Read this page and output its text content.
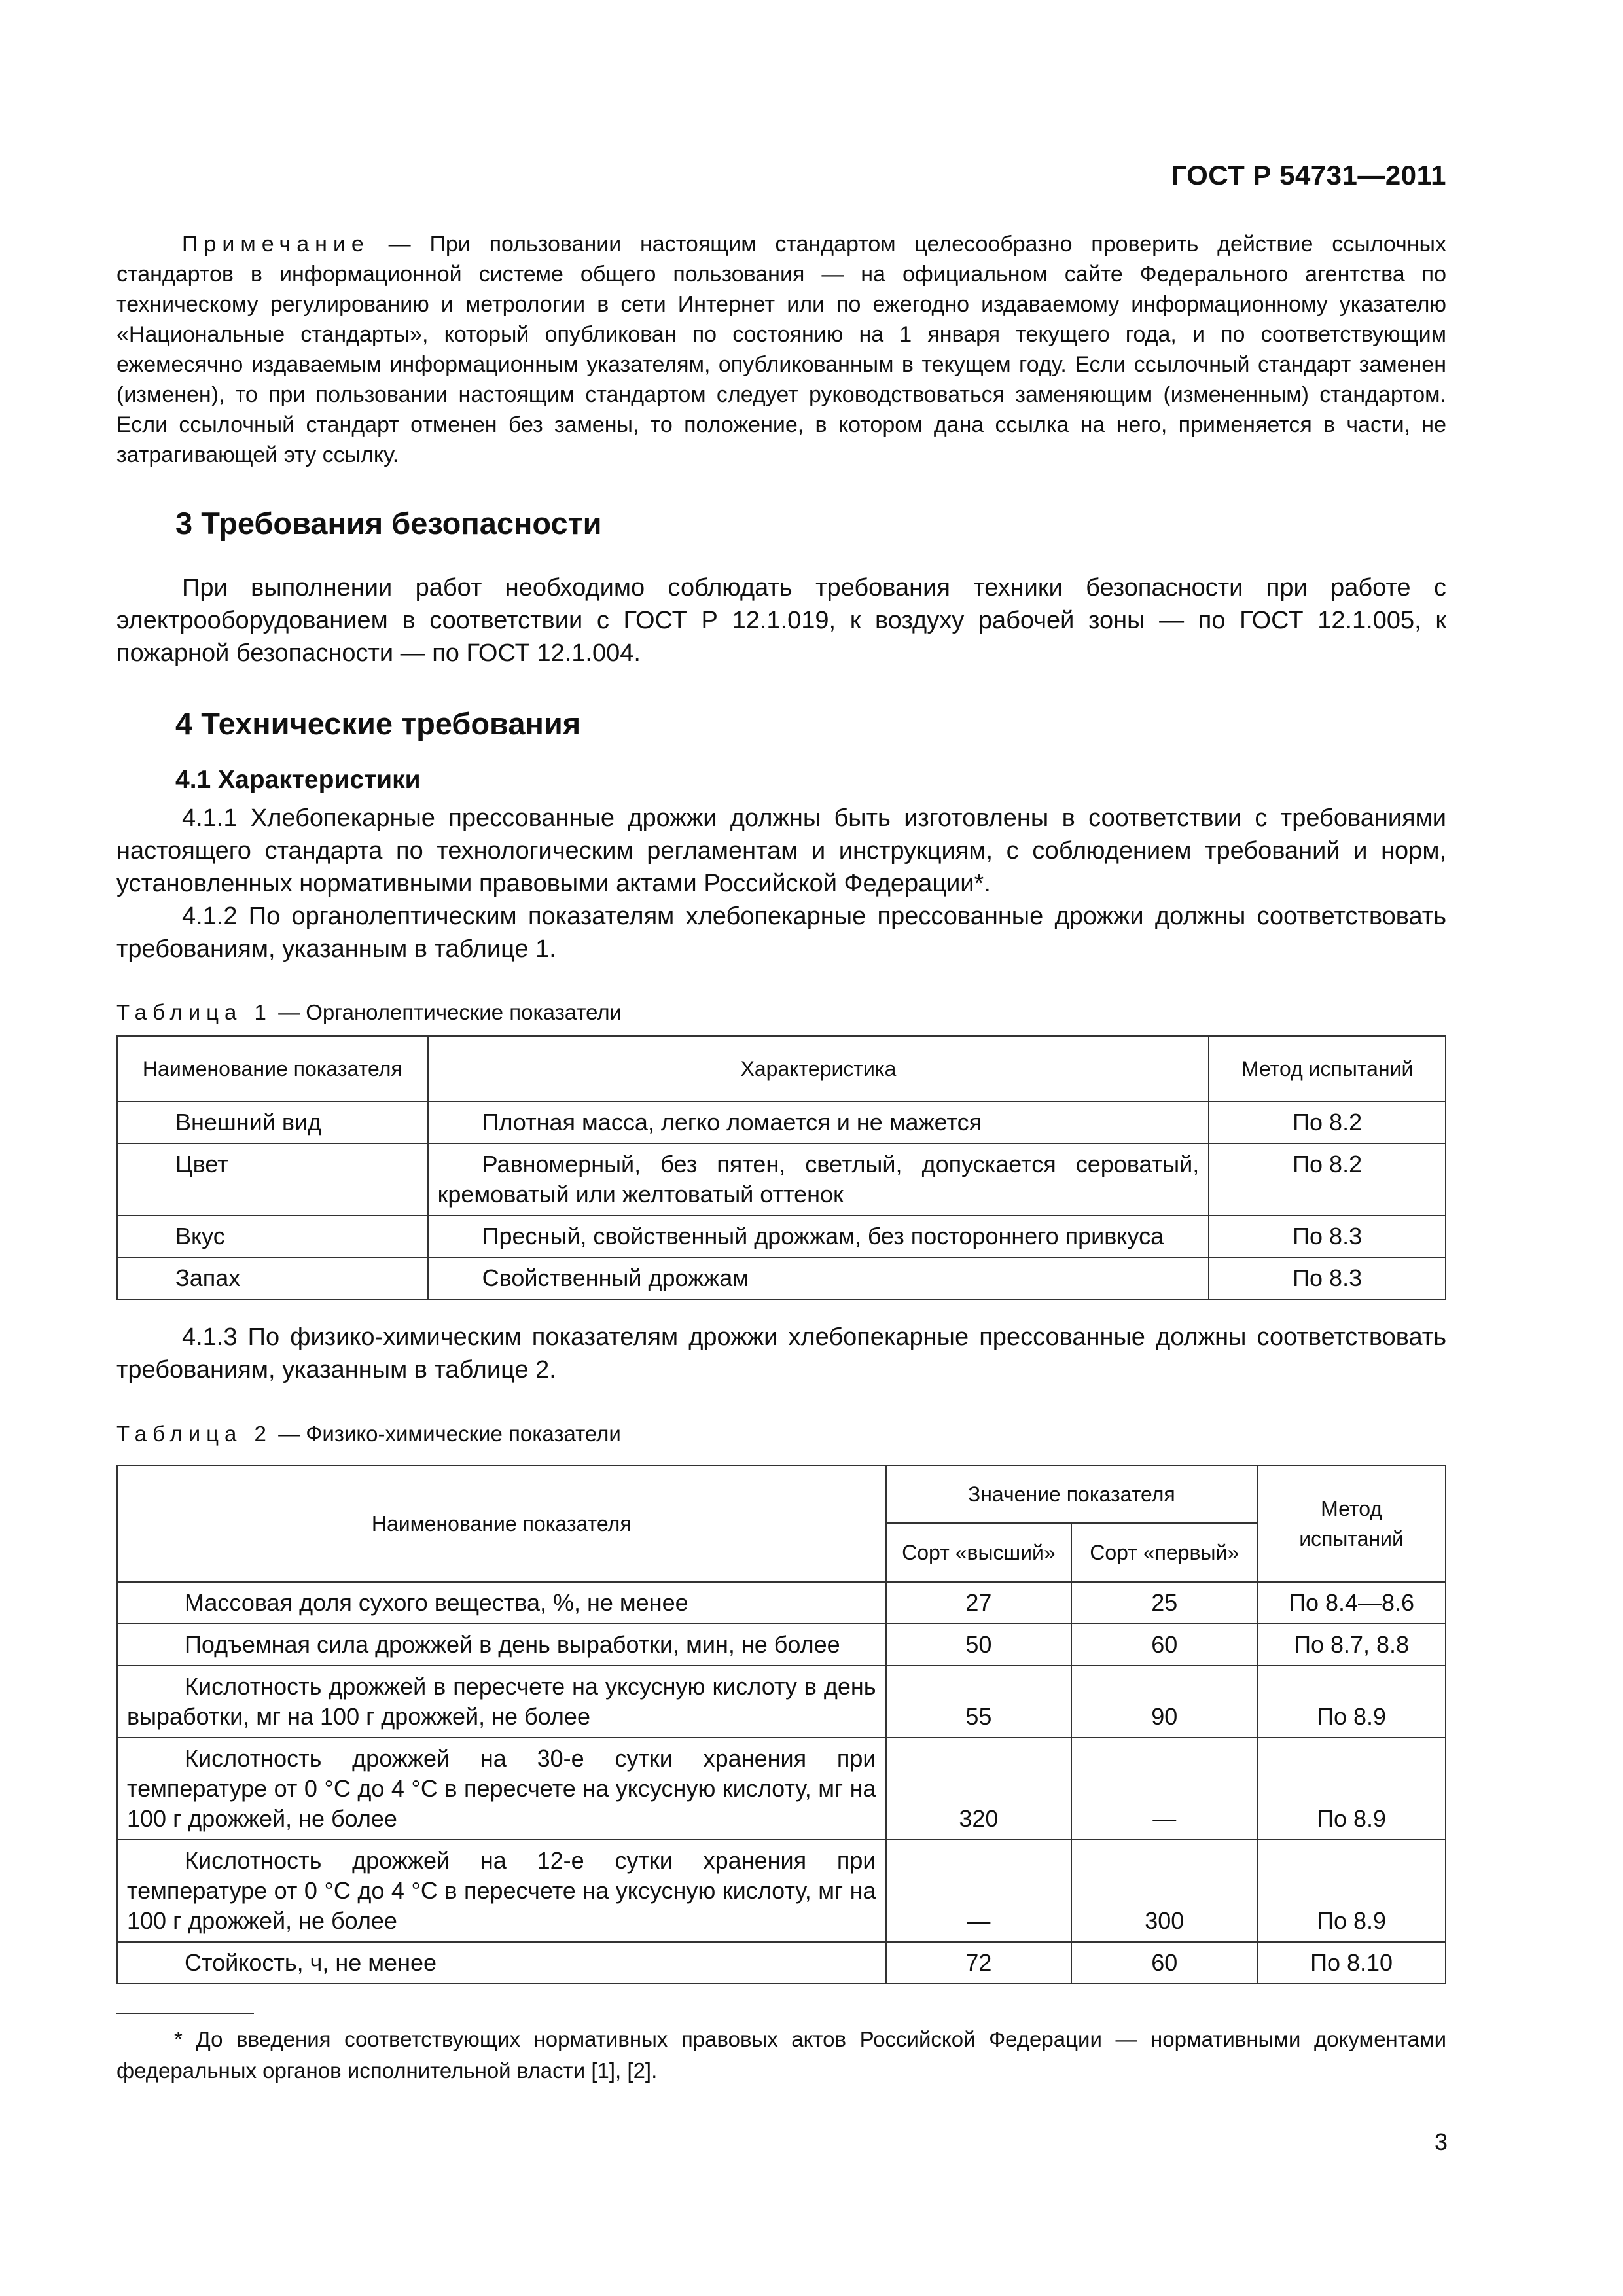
ГОСТ Р 54731—2011
Примечание — При пользовании настоящим стандартом целесообразно проверить действие ссылочных стандартов в информационной системе общего пользования — на официальном сайте Федерального агентства по техническому регулированию и метрологии в сети Интернет или по ежегодно издаваемому информационному указателю «Национальные стандарты», который опубликован по состоянию на 1 января текущего года, и по соответствующим ежемесячно издаваемым информационным указателям, опубликованным в текущем году. Если ссылочный стандарт заменен (изменен), то при пользовании настоящим стандартом следует руководствоваться заменяющим (измененным) стандартом. Если ссылочный стандарт отменен без замены, то положение, в котором дана ссылка на него, применяется в части, не затрагивающей эту ссылку.
3 Требования безопасности
При выполнении работ необходимо соблюдать требования техники безопасности при работе с электрооборудованием в соответствии с ГОСТ Р 12.1.019, к воздуху рабочей зоны — по ГОСТ 12.1.005, к пожарной безопасности — по ГОСТ 12.1.004.
4 Технические требования
4.1 Характеристики
4.1.1 Хлебопекарные прессованные дрожжи должны быть изготовлены в соответствии с требованиями настоящего стандарта по технологическим регламентам и инструкциям, с соблюдением требований и норм, установленных нормативными правовыми актами Российской Федерации*.
4.1.2 По органолептическим показателям хлебопекарные прессованные дрожжи должны соответствовать требованиям, указанным в таблице 1.
Таблица 1 — Органолептические показатели
Наименование показателя	Характеристика	Метод испытаний
Внешний вид	Плотная масса, легко ломается и не мажется	По 8.2
Цвет	Равномерный, без пятен, светлый, допускается сероватый, кремоватый или желтоватый оттенок	По 8.2
Вкус	Пресный, свойственный дрожжам, без постороннего привкуса	По 8.3
Запах	Свойственный дрожжам	По 8.3
4.1.3 По физико-химическим показателям дрожжи хлебопекарные прессованные должны соответствовать требованиям, указанным в таблице 2.
Таблица 2 — Физико-химические показатели
Наименование показателя	Значение показателя		Метод испытаний
	Сорт «высший»	Сорт «первый»	
Массовая доля сухого вещества, %, не менее	27	25	По 8.4—8.6
Подъемная сила дрожжей в день выработки, мин, не более	50	60	По 8.7, 8.8
Кислотность дрожжей в пересчете на уксусную кислоту в день выработки, мг на 100 г дрожжей, не более	55	90	По 8.9
Кислотность дрожжей на 30-е сутки хранения при температуре от 0 °С до 4 °С в пересчете на уксусную кислоту, мг на 100 г дрожжей, не более	320	—	По 8.9
Кислотность дрожжей на 12-е сутки хранения при температуре от 0 °С до 4 °С в пересчете на уксусную кислоту, мг на 100 г дрожжей, не более	—	300	По 8.9
Стойкость, ч, не менее	72	60	По 8.10
* До введения соответствующих нормативных правовых актов Российской Федерации — нормативными документами федеральных органов исполнительной власти [1], [2].
3
